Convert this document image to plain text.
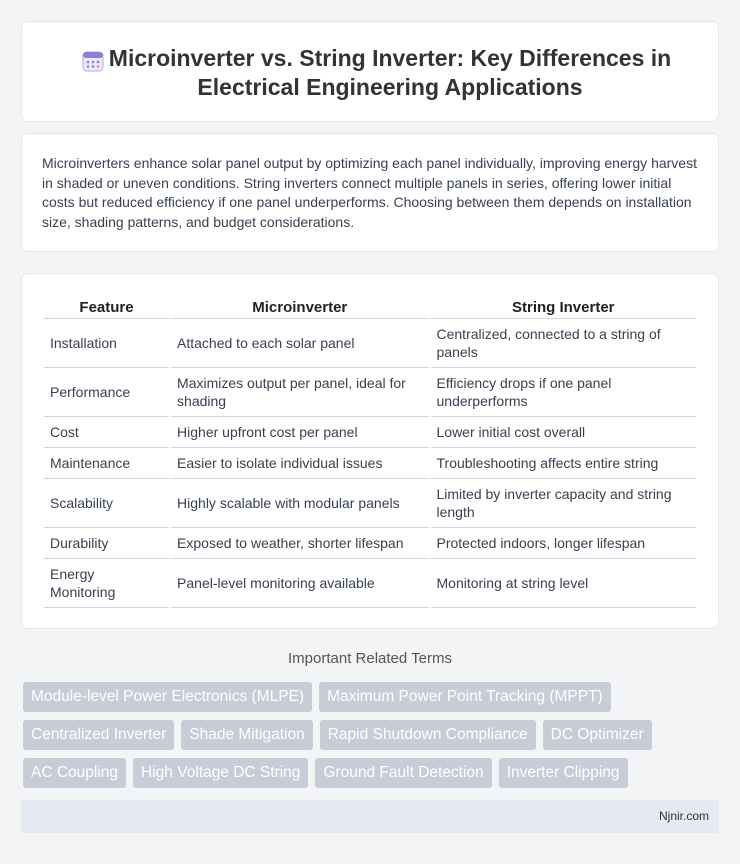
Microinverter vs. String Inverter: Key Differences in Electrical Engineering Applications

Microinverters enhance solar panel output by optimizing each panel individually, improving energy harvest in shaded or uneven conditions. String inverters connect multiple panels in series, offering lower initial costs but reduced efficiency if one panel underperforms. Choosing between them depends on installation size, shading patterns, and budget considerations.

Feature	Microinverter	String Inverter
Installation	Attached to each solar panel	Centralized, connected to a string of panels
Performance	Maximizes output per panel, ideal for shading	Efficiency drops if one panel underperforms
Cost	Higher upfront cost per panel	Lower initial cost overall
Maintenance	Easier to isolate individual issues	Troubleshooting affects entire string
Scalability	Highly scalable with modular panels	Limited by inverter capacity and string length
Durability	Exposed to weather, shorter lifespan	Protected indoors, longer lifespan
Energy Monitoring	Panel-level monitoring available	Monitoring at string level
Important Related Terms
Module-level Power Electronics (MLPE)	Maximum Power Point Tracking (MPPT)
Centralized Inverter	Shade Mitigation	Rapid Shutdown Compliance	DC Optimizer
AC Coupling	High Voltage DC String	Ground Fault Detection	Inverter Clipping
Njnir.com
